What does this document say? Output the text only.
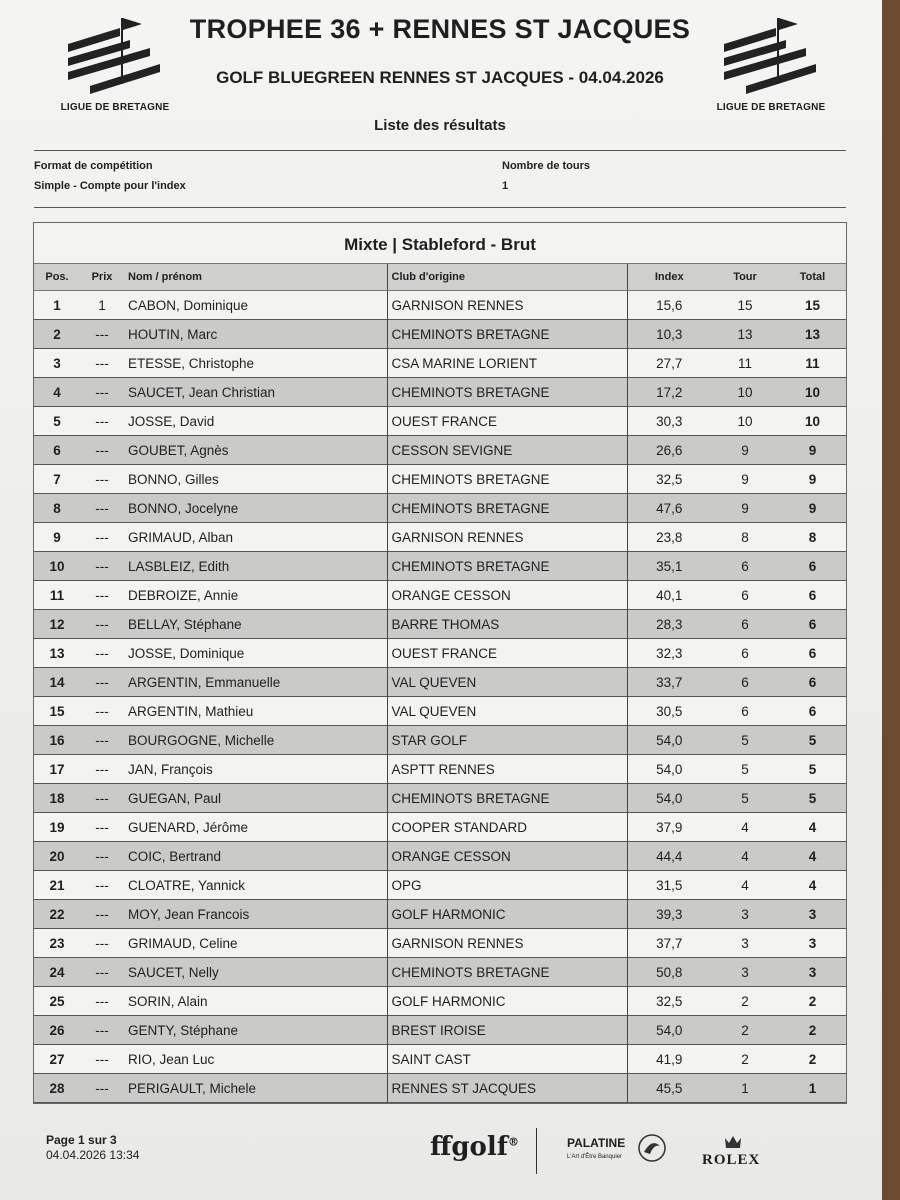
LIGUE DE BRETAGNE
TROPHEE 36 + RENNES ST JACQUES
GOLF BLUEGREEN RENNES ST JACQUES - 04.04.2026
Liste des résultats
LIGUE DE BRETAGNE
Format de compétition
Simple - Compte pour l'index
Nombre de tours
1
Mixte | Stableford - Brut
Pos.	Prix	Nom / prénom	Club d'origine	Index	Tour	Total
1	1	CABON, Dominique	GARNISON RENNES	15,6	15	15
2	---	HOUTIN, Marc	CHEMINOTS BRETAGNE	10,3	13	13
3	---	ETESSE, Christophe	CSA MARINE LORIENT	27,7	11	11
4	---	SAUCET, Jean Christian	CHEMINOTS BRETAGNE	17,2	10	10
5	---	JOSSE, David	OUEST FRANCE	30,3	10	10
6	---	GOUBET, Agnès	CESSON SEVIGNE	26,6	9	9
7	---	BONNO, Gilles	CHEMINOTS BRETAGNE	32,5	9	9
8	---	BONNO, Jocelyne	CHEMINOTS BRETAGNE	47,6	9	9
9	---	GRIMAUD, Alban	GARNISON RENNES	23,8	8	8
10	---	LASBLEIZ, Edith	CHEMINOTS BRETAGNE	35,1	6	6
11	---	DEBROIZE, Annie	ORANGE CESSON	40,1	6	6
12	---	BELLAY, Stéphane	BARRE THOMAS	28,3	6	6
13	---	JOSSE, Dominique	OUEST FRANCE	32,3	6	6
14	---	ARGENTIN, Emmanuelle	VAL QUEVEN	33,7	6	6
15	---	ARGENTIN, Mathieu	VAL QUEVEN	30,5	6	6
16	---	BOURGOGNE, Michelle	STAR GOLF	54,0	5	5
17	---	JAN, François	ASPTT RENNES	54,0	5	5
18	---	GUEGAN, Paul	CHEMINOTS BRETAGNE	54,0	5	5
19	---	GUENARD, Jérôme	COOPER STANDARD	37,9	4	4
20	---	COIC, Bertrand	ORANGE CESSON	44,4	4	4
21	---	CLOATRE, Yannick	OPG	31,5	4	4
22	---	MOY, Jean Francois	GOLF HARMONIC	39,3	3	3
23	---	GRIMAUD, Celine	GARNISON RENNES	37,7	3	3
24	---	SAUCET, Nelly	CHEMINOTS BRETAGNE	50,8	3	3
25	---	SORIN, Alain	GOLF HARMONIC	32,5	2	2
26	---	GENTY, Stéphane	BREST IROISE	54,0	2	2
27	---	RIO, Jean Luc	SAINT CAST	41,9	2	2
28	---	PERIGAULT, Michele	RENNES ST JACQUES	45,5	1	1
Page 1 sur 3
04.04.2026 13:34	ffgolf®	PALATINE
L'Art d'Être Banquier	ROLEX
